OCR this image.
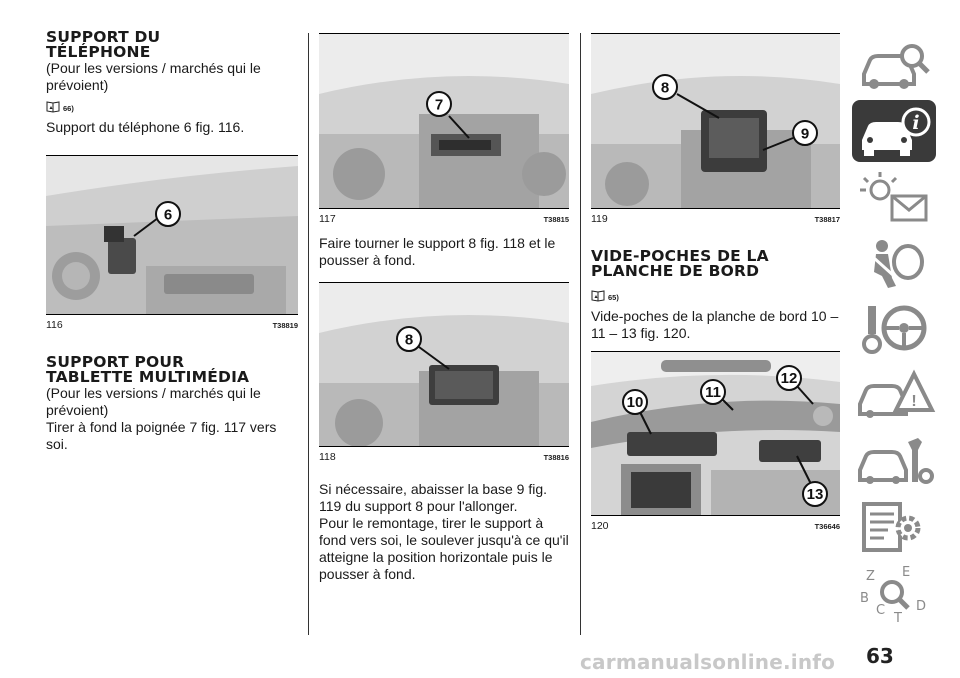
SUPPORT DU
TÉLÉPHONE

(Pour les versions / marchés qui le prévoient)

66)

Support du téléphone 6 fig. 116.

6
116	T38819
SUPPORT POUR
TABLETTE MULTIMÉDIA

(Pour les versions / marchés qui le prévoient)

Tirer à fond la poignée 7 fig. 117 vers soi.

7
117	T38815

Faire tourner le support 8 fig. 118 et le pousser à fond.

8
118	T38816

Si nécessaire, abaisser la base 9 fig. 119 du support 8 pour l'allonger.

Pour le remontage, tirer le support à fond vers soi, le soulever jusqu'à ce qu'il atteigne la position horizontale puis le pousser à fond.

8
9
119	T38817
VIDE-POCHES DE LA
PLANCHE DE BORD
65)

Vide-poches de la planche de bord 10 – 11 – 13 fig. 120.

10
11
12
13
120	T36646
i
!
Z E
B
C D
T
63
carmanualsonline.info
